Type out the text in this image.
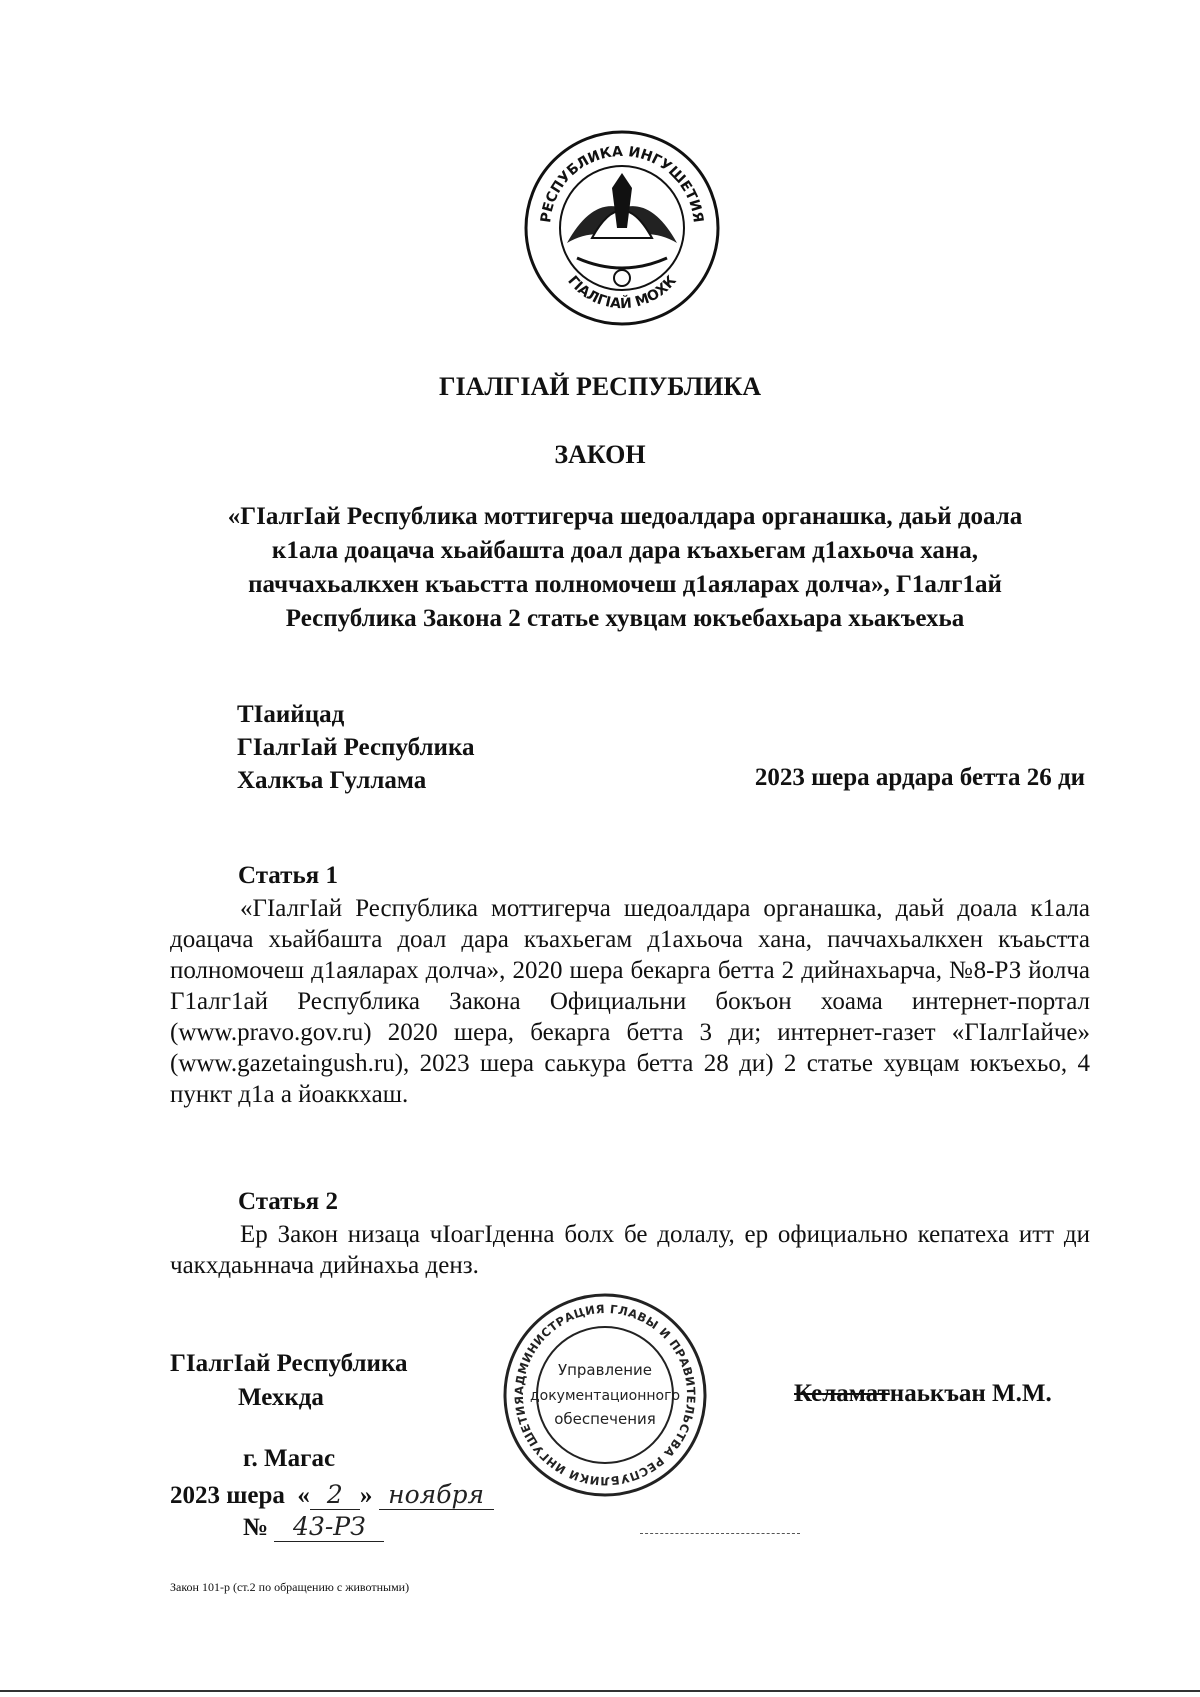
РЕСПУБЛИКА ИНГУШЕТИЯ
ГIАЛГIАЙ МОХК
ГIАЛГIАЙ РЕСПУБЛИКА
ЗАКОН
«ГIалгIай Республика моттигерча шедоалдара органашка, даьй доала
к1ала доацача хьайбашта доал дара къахьегам д1ахьоча хана,
паччахьалкхен къаьстта полномочеш д1аяларах долча», Г1алг1ай
Республика Закона 2 статье хувцам юкъебахьара хьакъехьа
ТIаийцад
ГIалгIай Республика
Халкъа Гуллама	2023 шера ардара бетта 26 ди
Статья 1

«ГIалгIай Республика моттигерча шедоалдара органашка, даьй доала к1ала доацача хьайбашта доал дара къахьегам д1ахьоча хана, паччахьалкхен къаьстта полномочеш д1аяларах долча», 2020 шера бекарга бетта 2 дийнахьарча, №8-РЗ йолча Г1алг1ай Республика Закона Официальни бокъон хоама интернет-портал (www.pravo.gov.ru) 2020 шера, бекарга бетта 3 ди; интернет-газет «ГIалгIайче» (www.gazetaingush.ru), 2023 шера саькура бетта 28 ди) 2 статье хувцам юкъехьо, 4 пункт д1а а йоаккхаш.

Статья 2

Ер Закон низаца чIоагIденна болх бе долалу, ер официально кепатеха итт ди чакхдаьннача дийнахьа денз.

ГIалгIай Республика
Мехкда	АДМИНИСТРАЦИЯ ГЛАВЫ И ПРАВИТЕЛЬСТВА РЕСПУБЛИКИ ИНГУШЕТИЯ
Управление
документационного
обеспечения
Келаматнаькъан М.М.
г. Магас
2023 шера  « 2 » ноября
№ 43-РЗ
Закон 101-р (ст.2 по обращению с животными)
